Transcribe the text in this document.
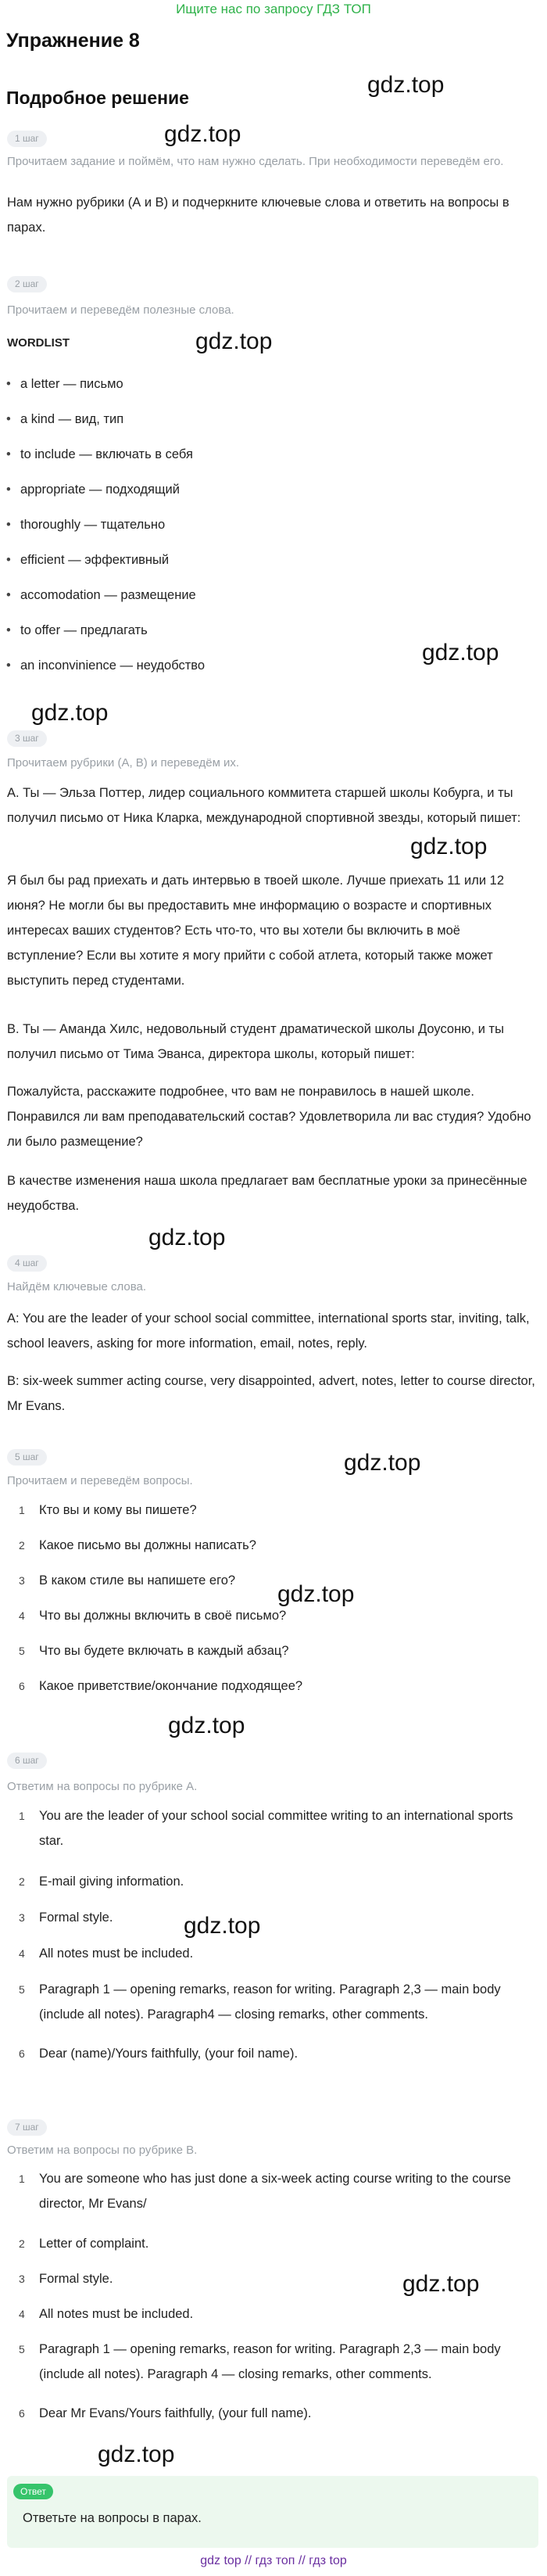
Ищите нас по запросу ГДЗ ТОП
Упражнение 8
Подробное решение	gdz.top
gdz.top
gdz.top
gdz.top
gdz.top
gdz.top
gdz.top
gdz.top
gdz.top
gdz.top
gdz.top
gdz.top
gdz.top
1 шаг
Прочитаем задание и поймём, что нам нужно сделать. При необходимости переведём его.
Нам нужно рубрики (А и В) и подчеркните ключевые слова и ответить на вопросы в парах.
2 шаг
Прочитаем и переведём полезные слова.
WORDLIST
• a letter — письмо
• a kind — вид, тип
• to include — включать в себя
• appropriate — подходящий
• thoroughly — тщательно
• efficient — эффективный
• accomodation — размещение
• to offer — предлагать
• an inconvinience — неудобство
3 шаг
Прочитаем рубрики (А, В) и переведём их.
А. Ты — Эльза Поттер, лидер социального коммитета старшей школы Кобурга, и ты получил письмо от Ника Кларка, международной спортивной звезды, который пишет:
Я был бы рад приехать и дать интервью в твоей школе. Лучше приехать 11 или 12 июня? Не могли бы вы предоставить мне информацию о возрасте и спортивных интересах ваших студентов? Есть что-то, что вы хотели бы включить в моё вступление? Если вы хотите я могу прийти с собой атлета, который также может выступить перед студентами.
В. Ты — Аманда Хилс, недовольный студент драматической школы Доусоню, и ты получил письмо от Тима Эванса, директора школы, который пишет:
Пожалуйста, расскажите подробнее, что вам не понравилось в нашей школе. Понравился ли вам преподавательский состав? Удовлетворила ли вас студия? Удобно ли было размещение?
В качестве изменения наша школа предлагает вам бесплатные уроки за принесённые неудобства.
4 шаг
Найдём ключевые слова.
A: You are the leader of your school social committee, international sports star, inviting, talk, school leavers, asking for more information, email, notes, reply.
B: six-week summer acting course, very disappointed, advert, notes, letter to course director, Mr Evans.
5 шаг
Прочитаем и переведём вопросы.
1 Кто вы и кому вы пишете?
2 Какое письмо вы должны написать?
3 В каком стиле вы напишете его?
4 Что вы должны включить в своё письмо?
5 Что вы будете включать в каждый абзац?
6 Какое приветствие/окончание подходящее?
6 шаг
Ответим на вопросы по рубрике А.
1 You are the leader of your school social committee writing to an international sports star.
2 E-mail giving information.
3 Formal style.
4 All notes must be included.
5 Paragraph 1 — opening remarks, reason for writing. Paragraph 2,3 — main body (include all notes). Paragraph4 — closing remarks, other comments.
6 Dear (name)/Yours faithfully, (your foil name).
7 шаг
Ответим на вопросы по рубрике В.
1 You are someone who has just done a six-week acting course writing to the course director, Mr Evans/
2 Letter of complaint.
3 Formal style.
4 All notes must be included.
5 Paragraph 1 — opening remarks, reason for writing. Paragraph 2,3 — main body (include all notes). Paragraph 4 — closing remarks, other comments.
6 Dear Mr Evans/Yours faithfully, (your full name).
Ответ
Ответьте на вопросы в парах.
gdz top // гдз топ // гдз top
